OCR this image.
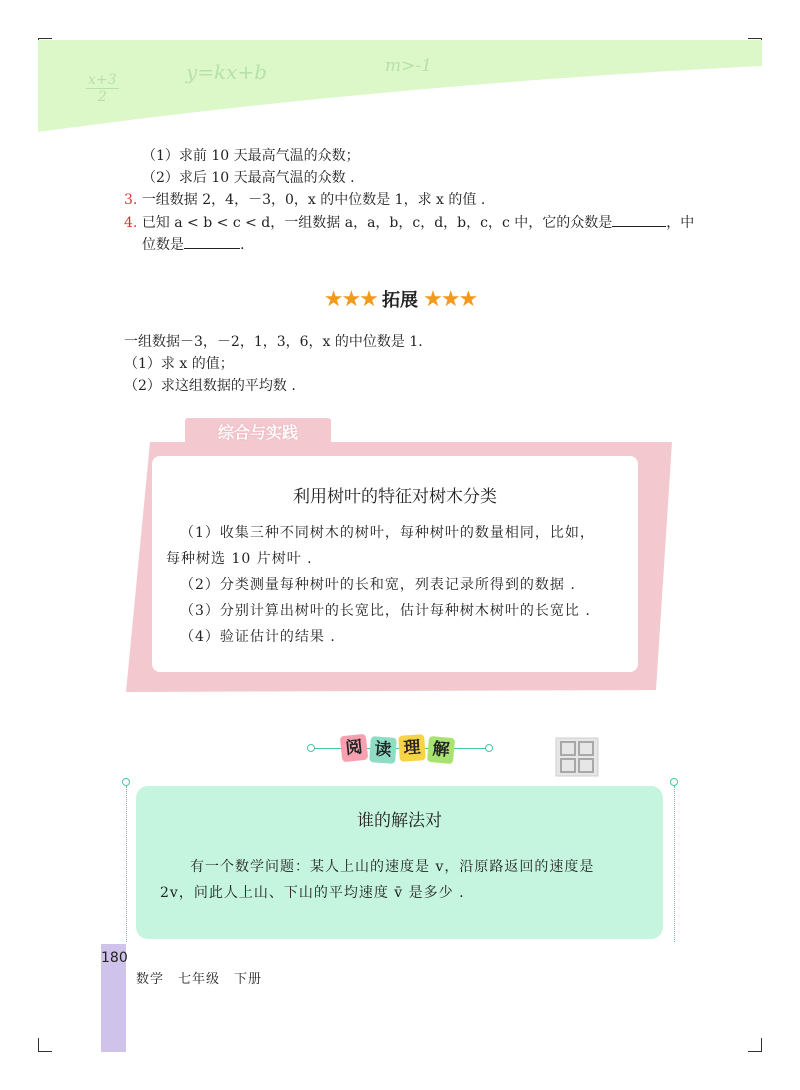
x+3
2
y=kx+b	m>-1
（1）求前 10 天最高气温的众数；
（2）求后 10 天最高气温的众数 .
3. 一组数据 2，4，－3，0，x 的中位数是 1，求 x 的值 .
4. 已知 a < b < c < d，一组数据 a，a，b，c，d，b，c，c 中，它的众数是	，中
位数是	.
★★★ 拓展 ★★★
一组数据－3，－2，1，3，6，x 的中位数是 1.
（1）求 x 的值；
（2）求这组数据的平均数 .
综合与实践
利用树叶的特征对树木分类
（1）收集三种不同树木的树叶，每种树叶的数量相同，比如，
每种树选 10 片树叶 .
（2）分类测量每种树叶的长和宽，列表记录所得到的数据 .
（3）分别计算出树叶的长宽比，估计每种树木树叶的长宽比 .
（4）验证估计的结果 .
阅 读 理 解
谁的解法对
有一个数学问题：某人上山的速度是 v，沿原路返回的速度是
2v，问此人上山、下山的平均速度 v̄ 是多少 .
180
数学　七年级　下册
